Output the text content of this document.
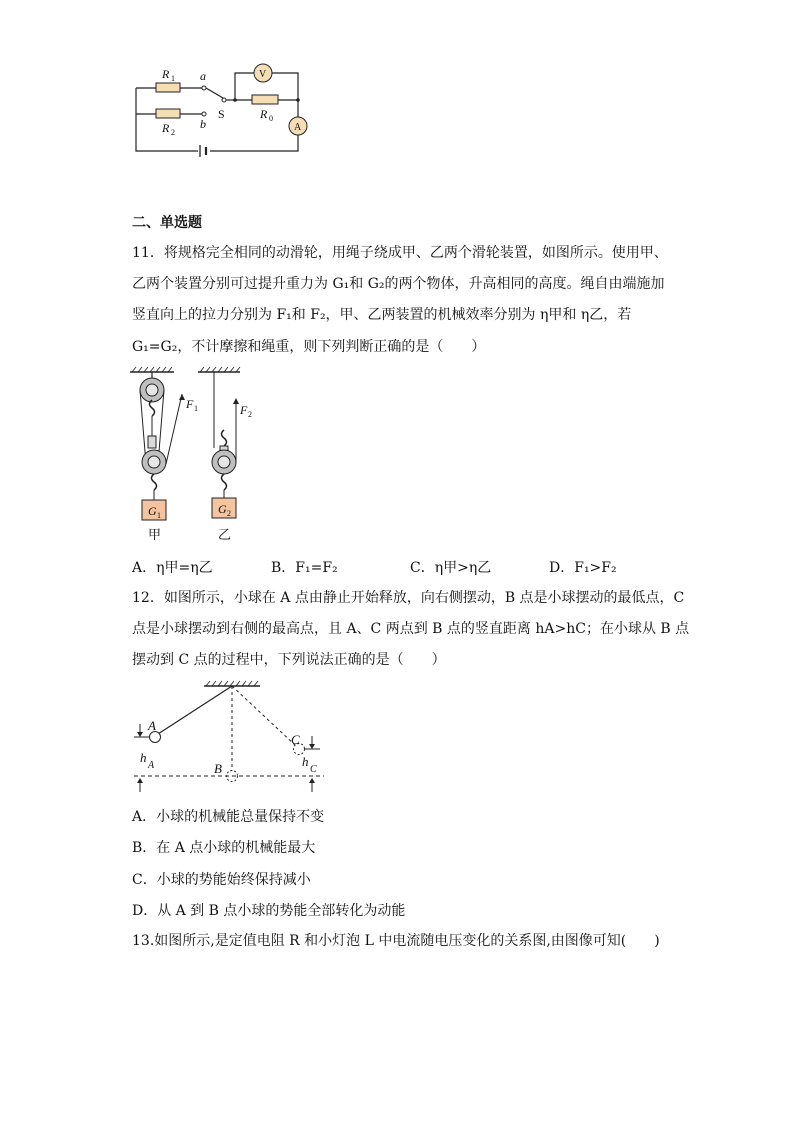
R 1
R 2
a
b
S	R 0
V
A
二、单选题
11．将规格完全相同的动滑轮，用绳子绕成甲、乙两个滑轮装置，如图所示。使用甲、
乙两个装置分别可过提升重力为 G₁和 G₂的两个物体，升高相同的高度。绳自由端施加
竖直向上的拉力分别为 F₁和 F₂，甲、乙两装置的机械效率分别为 η甲和 η乙，若
G₁=G₂，不计摩擦和绳重，则下列判断正确的是（　　）
F 1	F 2
G 1	G 2
甲	乙
A．η甲=η乙	B．F₁=F₂	C．η甲>η乙	D．F₁>F₂
12．如图所示，小球在 A 点由静止开始释放，向右侧摆动，B 点是小球摆动的最低点，C
点是小球摆动到右侧的最高点，且 A、C 两点到 B 点的竖直距离 hA>hC；在小球从 B 点
摆动到 C 点的过程中，下列说法正确的是（　　）
A
B
C
h
A	h
C
A．小球的机械能总量保持不变
B．在 A 点小球的机械能最大
C．小球的势能始终保持减小
D．从 A 到 B 点小球的势能全部转化为动能
13.如图所示,是定值电阻 R 和小灯泡 L 中电流随电压变化的关系图,由图像可知(　　)
